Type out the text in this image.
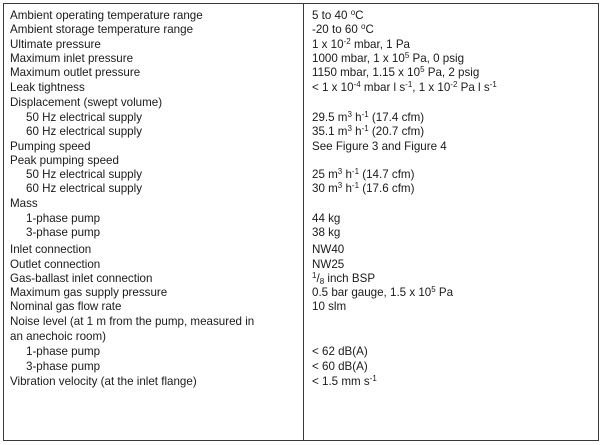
Ambient operating temperature range	5 to 40 $^o$C
Ambient storage temperature range	-20 to 60 $^o$C
Ultimate pressure	1 x $10^{-2}$ mbar, 1 Pa
Maximum inlet pressure	1000 mbar, 1 x $10^5$ Pa, 0 psig
Maximum outlet pressure	1150 mbar, 1.15 x $10^5$ Pa, 2 psig
Leak tightness	< 1 x $10^{-4}$ mbar l $s^{-1}$, 1 x $10^{-2}$ Pa l $s^{-1}$
Displacement (swept volume)
50 Hz electrical supply	29.5 $m^3$ $h^{-1}$ (17.4 cfm)
60 Hz electrical supply	35.1 $m^3$ $h^{-1}$ (20.7 cfm)
Pumping speed	See Figure 3 and Figure 4
Peak pumping speed
50 Hz electrical supply	25 $m^3$ $h^{-1}$ (14.7 cfm)
60 Hz electrical supply	30 $m^3$ $h^{-1}$ (17.6 cfm)
Mass
1-phase pump	44 kg
3-phase pump	38 kg
Inlet connection	NW40
Outlet connection	NW25
Gas-ballast inlet connection	$^1/_8$ inch BSP
Maximum gas supply pressure	0.5 bar gauge, 1.5 x $10^5$ Pa
Nominal gas flow rate	10 slm
Noise level (at 1 m from the pump, measured in
an anechoic room)
1-phase pump	< 62 dB(A)
3-phase pump	< 60 dB(A)
Vibration velocity (at the inlet flange)	< 1.5 mm $s^{-1}$
